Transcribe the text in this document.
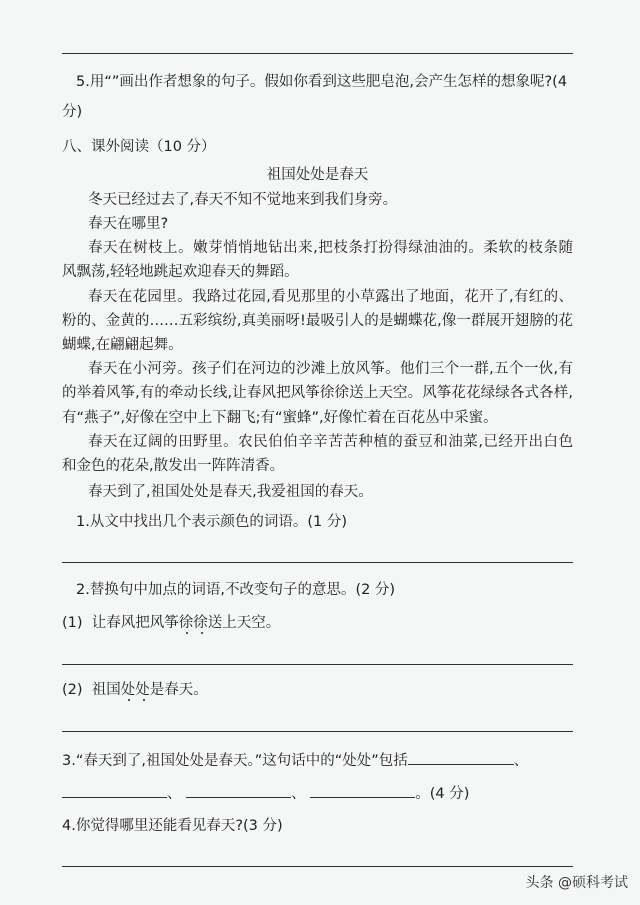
5.用“”画出作者想象的句子。假如你看到这些肥皂泡,会产生怎样的想象呢?(4
分)
八、课外阅读（10 分）
祖国处处是春天
冬天已经过去了,春天不知不觉地来到我们身旁。
春天在哪里?
春天在树枝上。嫩芽悄悄地钻出来,把枝条打扮得绿油油的。柔软的枝条随
风飘荡,轻轻地跳起欢迎春天的舞蹈。
春天在花园里。我路过花园,看见那里的小草露出了地面，花开了,有红的、
粉的、金黄的……五彩缤纷,真美丽呀!最吸引人的是蝴蝶花,像一群展开翅膀的花
蝴蝶,在翩翩起舞。
春天在小河旁。孩子们在河边的沙滩上放风筝。他们三个一群,五个一伙,有
的举着风筝,有的牵动长线,让春风把风筝徐徐送上天空。风筝花花绿绿各式各样,
有“燕子”,好像在空中上下翻飞;有“蜜蜂”,好像忙着在百花丛中采蜜。
春天在辽阔的田野里。农民伯伯辛辛苦苦种植的蚕豆和油菜,已经开出白色
和金色的花朵,散发出一阵阵清香。
春天到了,祖国处处是春天,我爱祖国的春天。
1.从文中找出几个表示颜色的词语。(1 分)
2.替换句中加点的词语,不改变句子的意思。(2 分)
(1) 让春风把风筝徐徐送上天空。
(2) 祖国处处是春天。
3.“春天到了,祖国处处是春天。”这句话中的“处处”包括	、
、	、	。(4 分)
4.你觉得哪里还能看见春天?(3 分)
头条 @硕科考试
